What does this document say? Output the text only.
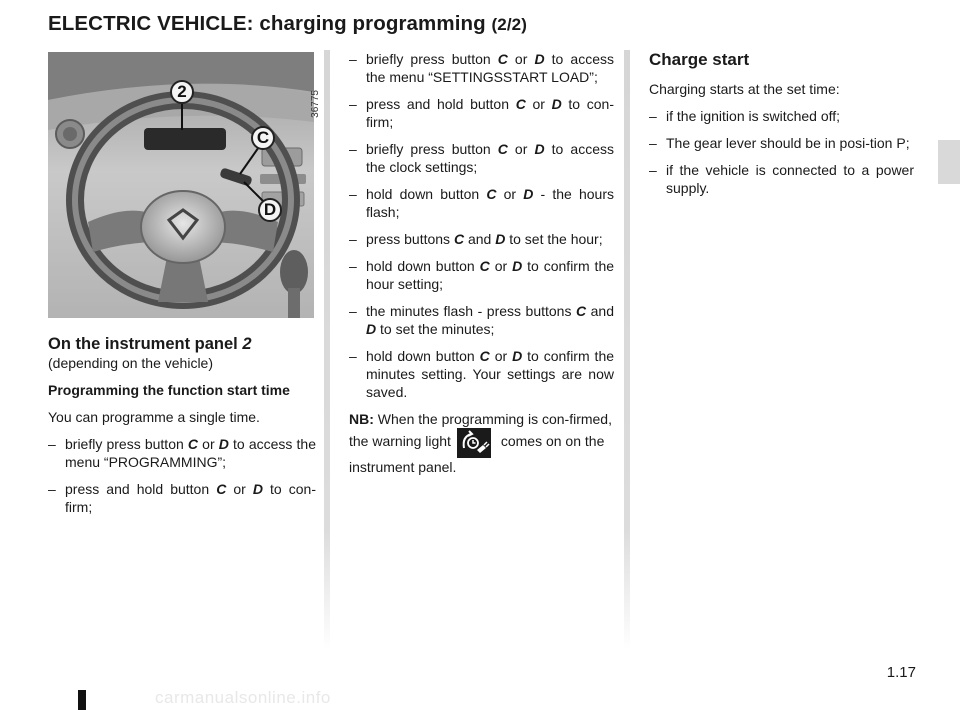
ELECTRIC VEHICLE: charging programming (2/2)
36775
2
C
D
On the instrument panel 2

(depending on the vehicle)

Programming the function start time

You can programme a single time.

– briefly press button C or D to access the menu “PROGRAMMING”;
– press and hold button C or D to con-firm;
– briefly press button C or D to access the menu “SETTINGSSTART LOAD”;
– press and hold button C or D to con-firm;
– briefly press button C or D to access the clock settings;
– hold down button C or D - the hours flash;
– press buttons C and D to set the hour;
– hold down button C or D to confirm the hour setting;
– the minutes flash - press buttons C and D to set the minutes;
– hold down button C or D to confirm the minutes setting. Your settings are now saved.

NB: When the programming is con-firmed, the warning light	comes on on the instrument panel.

Charge start

Charging starts at the set time:

– if the ignition is switched off;
– The gear lever should be in posi-tion P;
– if the vehicle is connected to a power supply.
1.17
carmanualsonline.info
